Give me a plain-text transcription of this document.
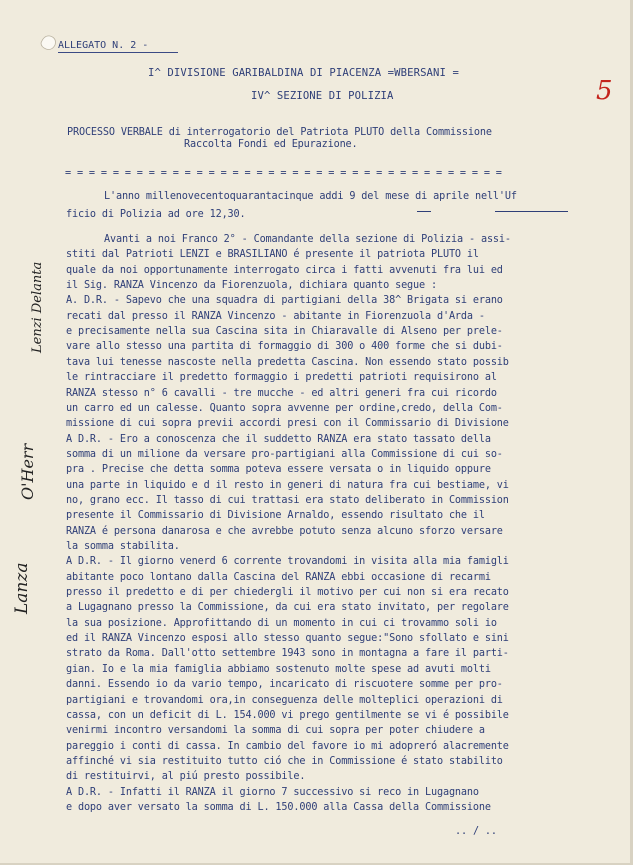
ALLEGATO N. 2 -
5
I^ DIVISIONE GARIBALDINA DI PIACENZA =WBERSANI =
IV^ SEZIONE DI POLIZIA
PROCESSO VERBALE di interrogatorio del Patriota PLUTO della Commissione
Raccolta Fondi ed Epurazione.
= = = = = = = = = = = = = = = = = = = = = = = = = = = = = = = = = = = = =
L'anno millenovecentoquarantacinque addi 9 del mese di aprile nell'Uf
ficio di Polizia ad ore 12,30.
Avanti a noi Franco 2° - Comandante della sezione di Polizia - assi-
stiti dal Patrioti LENZI e BRASILIANO é presente il patriota PLUTO il
quale da noi opportunamente interrogato circa i fatti avvenuti fra lui ed
il Sig. RANZA Vincenzo da Fiorenzuola, dichiara quanto segue :
A. D.R. - Sapevo che una squadra di partigiani della 38^ Brigata si erano
recati dal presso il RANZA Vincenzo - abitante in Fiorenzuola d'Arda -
e precisamente nella sua Cascina sita in Chiaravalle di Alseno per prele-
vare allo stesso una partita di formaggio di 300 o 400 forme che si dubi-
tava lui tenesse nascoste nella predetta Cascina. Non essendo stato possib
le rintracciare il predetto formaggio i predetti patrioti requisirono al
RANZA stesso n° 6 cavalli - tre mucche - ed altri generi fra cui ricordo
un carro ed un calesse. Quanto sopra avvenne per ordine,credo, della Com-
missione di cui sopra previi accordi presi con il Commissario di Divisione
A D.R. - Ero a conoscenza che il suddetto RANZA era stato tassato della
somma di un milione da versare pro-partigiani alla Commissione di cui so-
pra . Precise che detta somma poteva essere versata o in liquido oppure
una parte in liquido e d il resto in generi di natura fra cui bestiame, vi
no, grano ecc. Il tasso di cui trattasi era stato deliberato in Commission
presente il Commissario di Divisione Arnaldo, essendo risultato che il
RANZA é persona danarosa e che avrebbe potuto senza alcuno sforzo versare
la somma stabilita.
A D.R. - Il giorno venerd 6 corrente trovandomi in visita alla mia famigli
abitante poco lontano dalla Cascina del RANZA ebbi occasione di recarmi
presso il predetto e di per chiedergli il motivo per cui non si era recato
a Lugagnano presso la Commissione, da cui era stato invitato, per regolare
la sua posizione. Approfittando di un momento in cui ci trovammo soli io
ed il RANZA Vincenzo esposi allo stesso quanto segue:"Sono sfollato e sini
strato da Roma. Dall'otto settembre 1943 sono in montagna a fare il parti-
gian. Io e la mia famiglia abbiamo sostenuto molte spese ad avuti molti
danni. Essendo io da vario tempo, incaricato di riscuotere somme per pro-
partigiani e trovandomi ora,in conseguenza delle molteplici operazioni di
cassa, con un deficit di L. 154.000 vi prego gentilmente se vi é possibile
venirmi incontro versandomi la somma di cui sopra per poter chiudere a
pareggio i conti di cassa. In cambio del favore io mi adopreró alacremente
affinché vi sia restituito tutto ció che in Commissione é stato stabilito
di restituirvi, al piú presto possibile.
A D.R. - Infatti il RANZA il giorno 7 successivo si reco in Lugagnano
e dopo aver versato la somma di L. 150.000 alla Cassa della Commissione
.. / ..
Lenzi Delanta
O'Herr
Lanza
